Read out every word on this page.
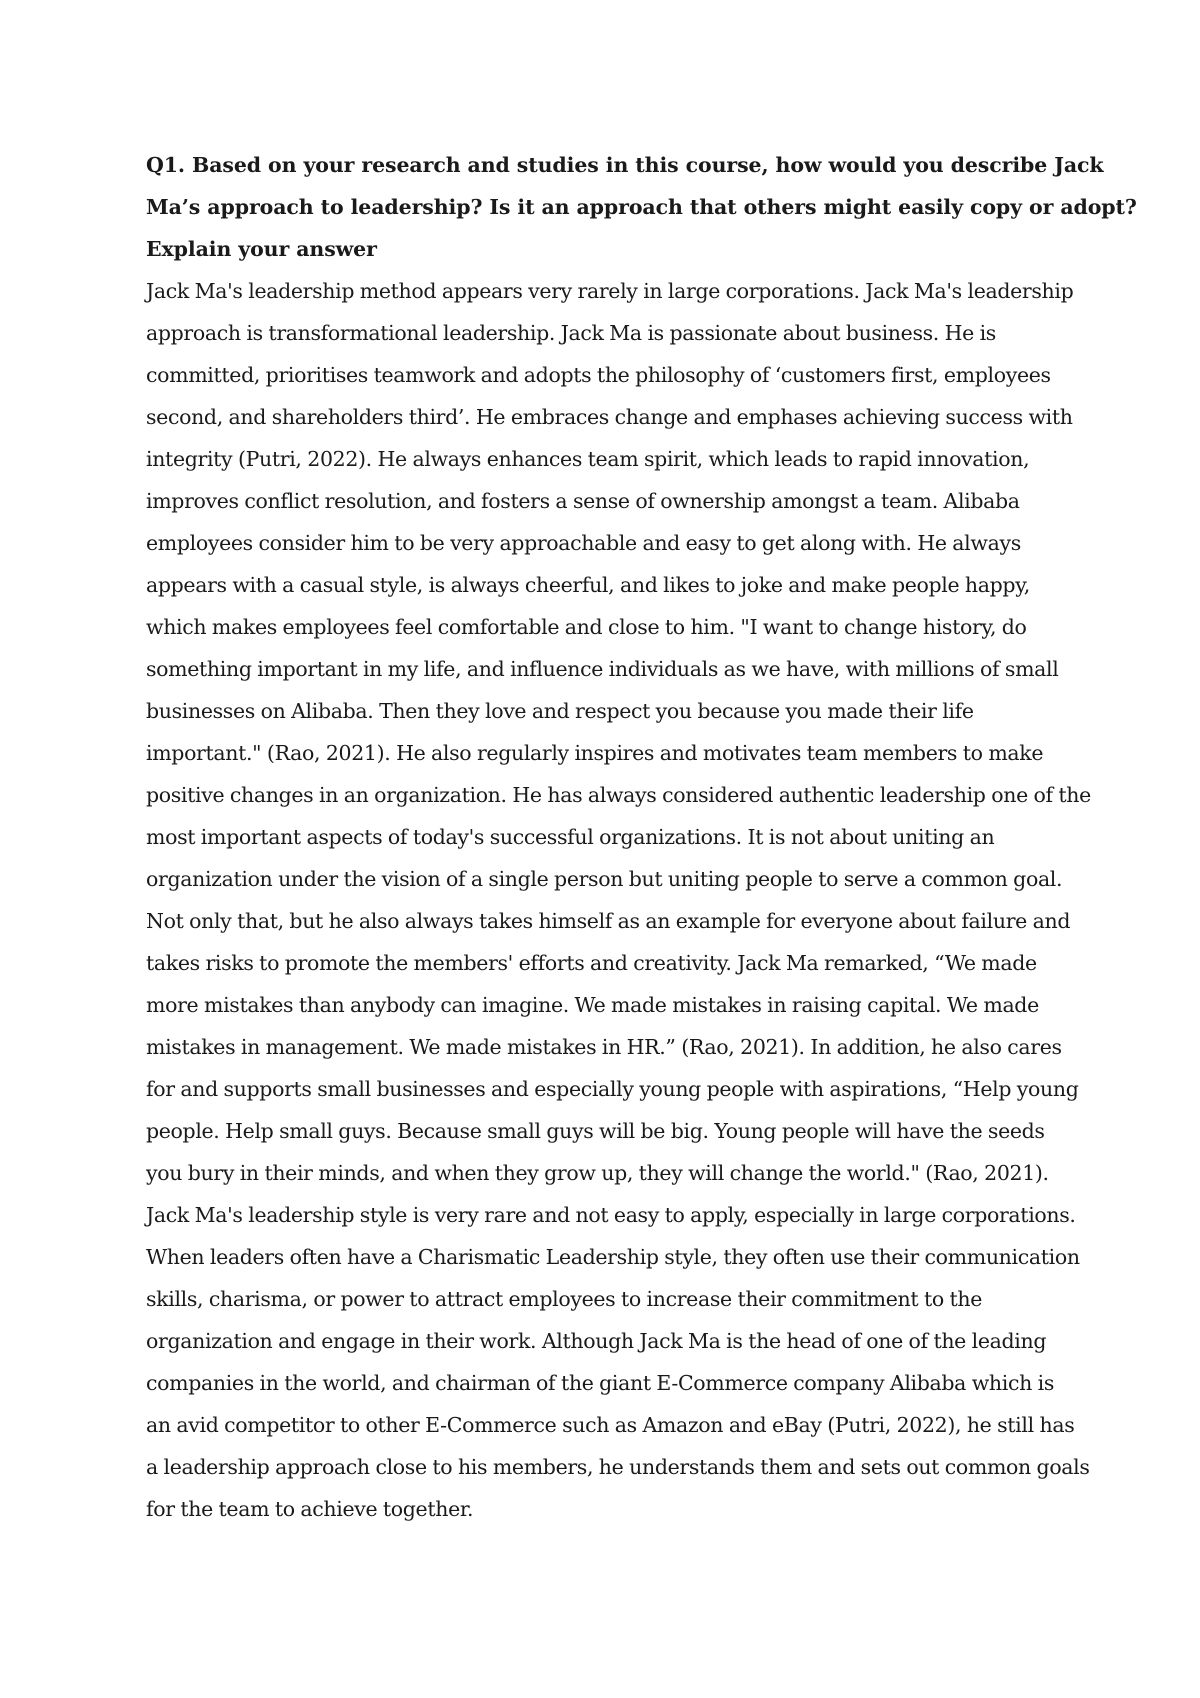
Q1. Based on your research and studies in this course, how would you describe Jack
Ma’s approach to leadership? Is it an approach that others might easily copy or adopt?
Explain your answer
Jack Ma's leadership method appears very rarely in large corporations. Jack Ma's leadership
approach is transformational leadership. Jack Ma is passionate about business. He is
committed, prioritises teamwork and adopts the philosophy of ‘customers first, employees
second, and shareholders third’. He embraces change and emphases achieving success with
integrity (Putri, 2022). He always enhances team spirit, which leads to rapid innovation,
improves conflict resolution, and fosters a sense of ownership amongst a team. Alibaba
employees consider him to be very approachable and easy to get along with. He always
appears with a casual style, is always cheerful, and likes to joke and make people happy,
which makes employees feel comfortable and close to him. "I want to change history, do
something important in my life, and influence individuals as we have, with millions of small
businesses on Alibaba. Then they love and respect you because you made their life
important." (Rao, 2021). He also regularly inspires and motivates team members to make
positive changes in an organization. He has always considered authentic leadership one of the
most important aspects of today's successful organizations. It is not about uniting an
organization under the vision of a single person but uniting people to serve a common goal.
Not only that, but he also always takes himself as an example for everyone about failure and
takes risks to promote the members' efforts and creativity. Jack Ma remarked, “We made
more mistakes than anybody can imagine. We made mistakes in raising capital. We made
mistakes in management. We made mistakes in HR.” (Rao, 2021). In addition, he also cares
for and supports small businesses and especially young people with aspirations, “Help young
people. Help small guys. Because small guys will be big. Young people will have the seeds
you bury in their minds, and when they grow up, they will change the world." (Rao, 2021).
Jack Ma's leadership style is very rare and not easy to apply, especially in large corporations.
When leaders often have a Charismatic Leadership style, they often use their communication
skills, charisma, or power to attract employees to increase their commitment to the
organization and engage in their work. Although Jack Ma is the head of one of the leading
companies in the world, and chairman of the giant E-Commerce company Alibaba which is
an avid competitor to other E-Commerce such as Amazon and eBay (Putri, 2022), he still has
a leadership approach close to his members, he understands them and sets out common goals
for the team to achieve together.
